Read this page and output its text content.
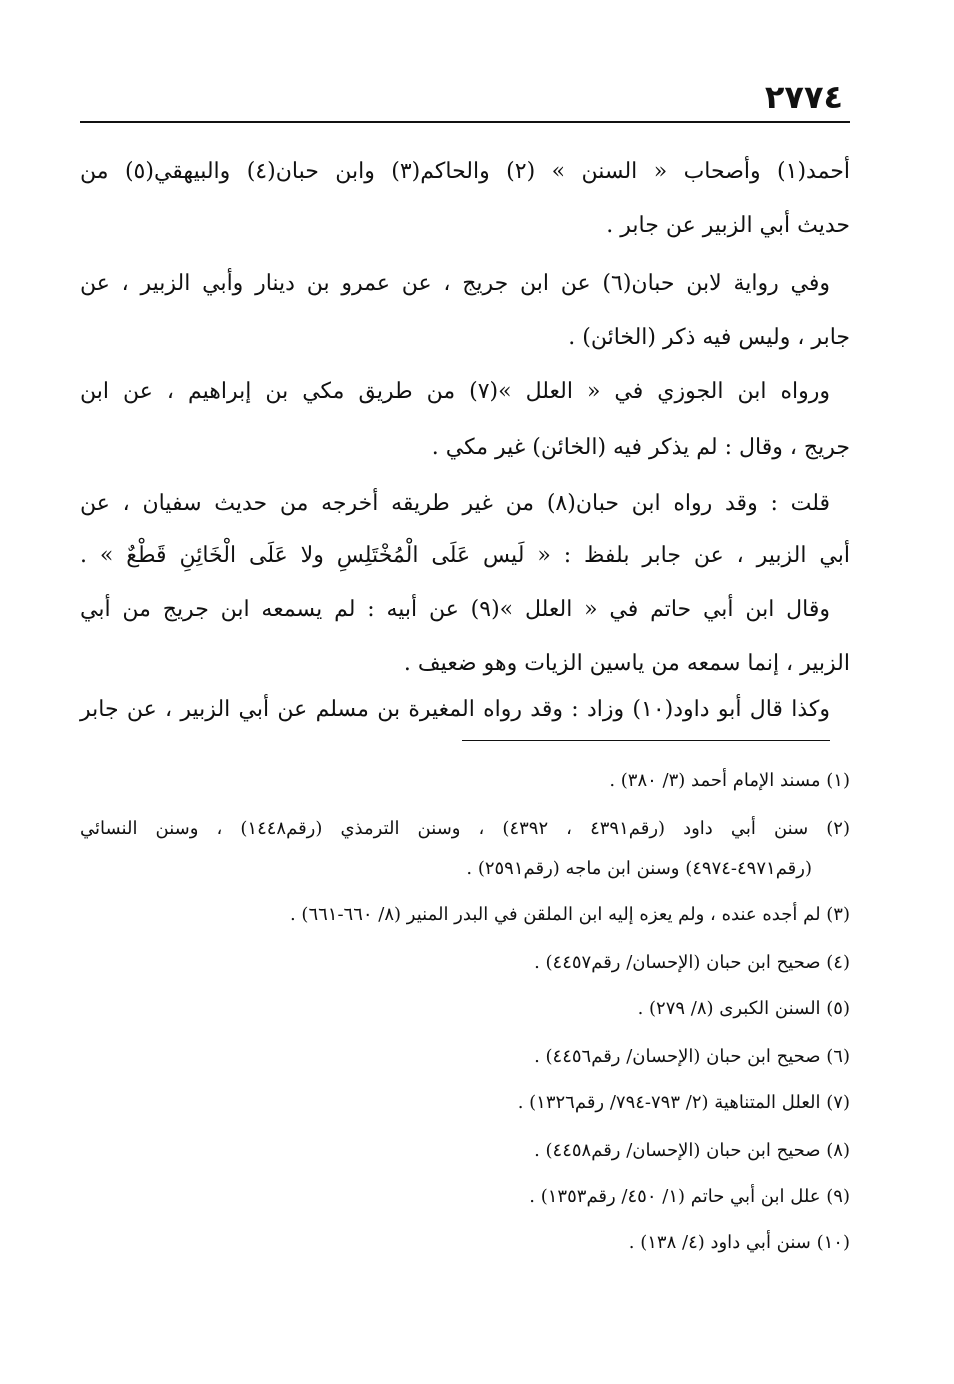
٢٧٧٤
أحمد(١) وأصحاب « السنن » (٢) والحاكم(٣) وابن حبان(٤) والبيهقي(٥) من
حديث أبي الزبير عن جابر .
وفي رواية لابن حبان(٦) عن ابن جريج ، عن عمرو بن دينار وأبي الزبير ، عن
جابر ، وليس فيه ذكر (الخائن) .
ورواه ابن الجوزي في « العلل »(٧) من طريق مكي بن إبراهيم ، عن ابن
جريج ، وقال : لم يذكر فيه (الخائن) غير مكي .
قلت : وقد رواه ابن حبان(٨) من غير طريقه أخرجه من حديث سفيان ، عن
أبي الزبير ، عن جابر بلفظ : « لَيس عَلَى الْمُخْتَلِسِ ولا عَلَى الْخَائِنِ قَطْعٌ » .
وقال ابن أبي حاتم في « العلل »(٩) عن أبيه : لم يسمعه ابن جريج من أبي
الزبير ، إنما سمعه من ياسين الزيات وهو ضعيف .
وكذا قال أبو داود(١٠) وزاد : وقد رواه المغيرة بن مسلم عن أبي الزبير ، عن جابر
(١) مسند الإمام أحمد (٣/ ٣٨٠) .
(٢) سنن أبي داود (رقم٤٣٩١ ، ٤٣٩٢) ، وسنن الترمذي (رقم١٤٤٨) ، وسنن النسائي
(رقم٤٩٧١-٤٩٧٤) وسنن ابن ماجه (رقم٢٥٩١) .
(٣) لم أجده عنده ، ولم يعزه إليه ابن الملقن في البدر المنير (٨/ ٦٦٠-٦٦١) .
(٤) صحيح ابن حبان (الإحسان/ رقم٤٤٥٧) .
(٥) السنن الكبرى (٨/ ٢٧٩) .
(٦) صحيح ابن حبان (الإحسان/ رقم٤٤٥٦) .
(٧) العلل المتناهية (٢/ ٧٩٣-٧٩٤/ رقم١٣٢٦) .
(٨) صحيح ابن حبان (الإحسان/ رقم٤٤٥٨) .
(٩) علل ابن أبي حاتم (١/ ٤٥٠/ رقم١٣٥٣) .
(١٠) سنن أبي داود (٤/ ١٣٨) .
